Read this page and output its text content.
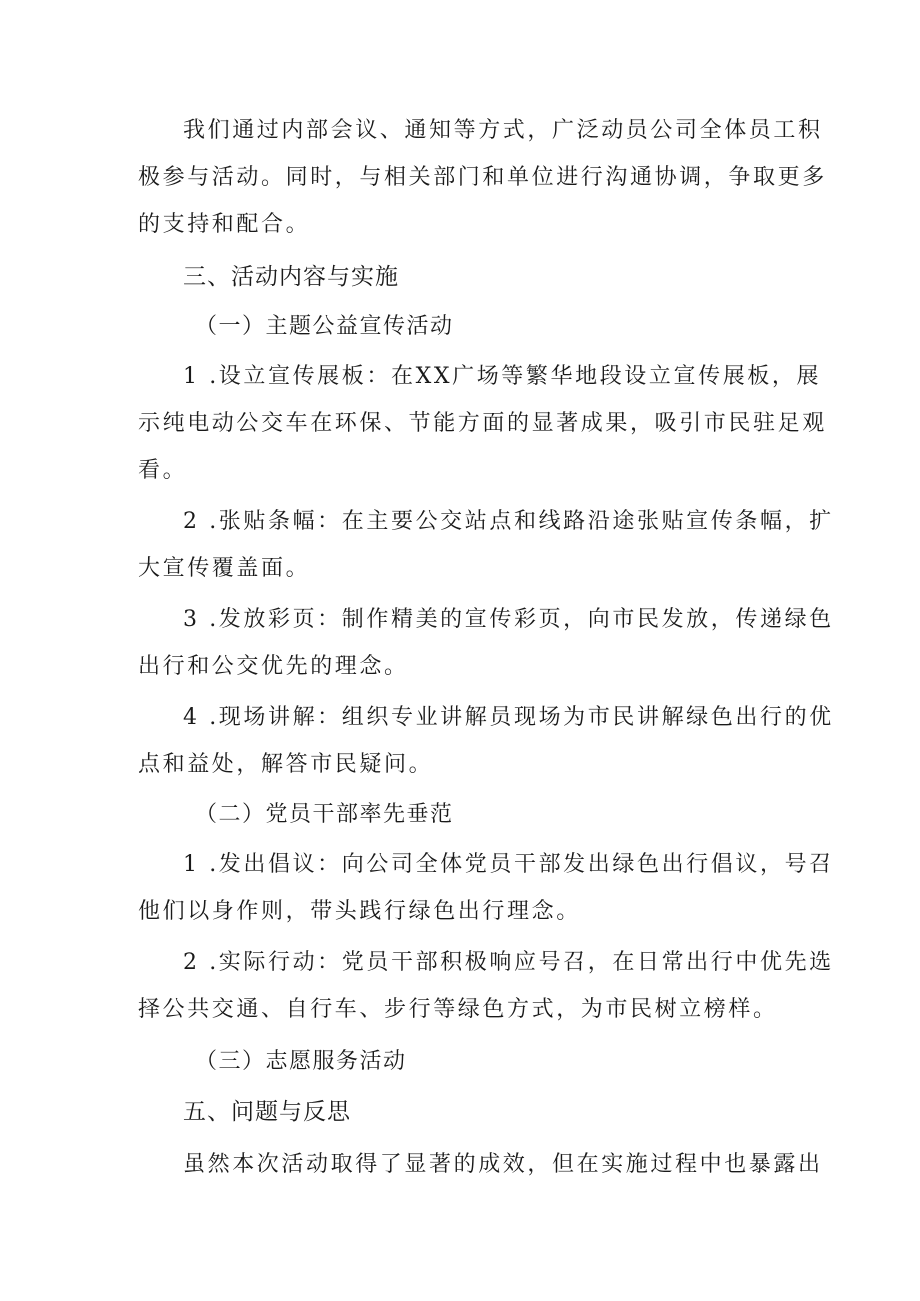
我们通过内部会议、通知等方式，广泛动员公司全体员工积
极参与活动。同时，与相关部门和单位进行沟通协调，争取更多
的支持和配合。
三、活动内容与实施
（一）主题公益宣传活动
1 .设立宣传展板：在XX广场等繁华地段设立宣传展板，展
示纯电动公交车在环保、节能方面的显著成果，吸引市民驻足观
看。
2 .张贴条幅：在主要公交站点和线路沿途张贴宣传条幅，扩
大宣传覆盖面。
3 .发放彩页：制作精美的宣传彩页，向市民发放，传递绿色
出行和公交优先的理念。
4 .现场讲解：组织专业讲解员现场为市民讲解绿色出行的优
点和益处，解答市民疑问。
（二）党员干部率先垂范
1 .发出倡议：向公司全体党员干部发出绿色出行倡议，号召
他们以身作则，带头践行绿色出行理念。
2 .实际行动：党员干部积极响应号召，在日常出行中优先选
择公共交通、自行车、步行等绿色方式，为市民树立榜样。
（三）志愿服务活动
五、问题与反思
虽然本次活动取得了显著的成效，但在实施过程中也暴露出
